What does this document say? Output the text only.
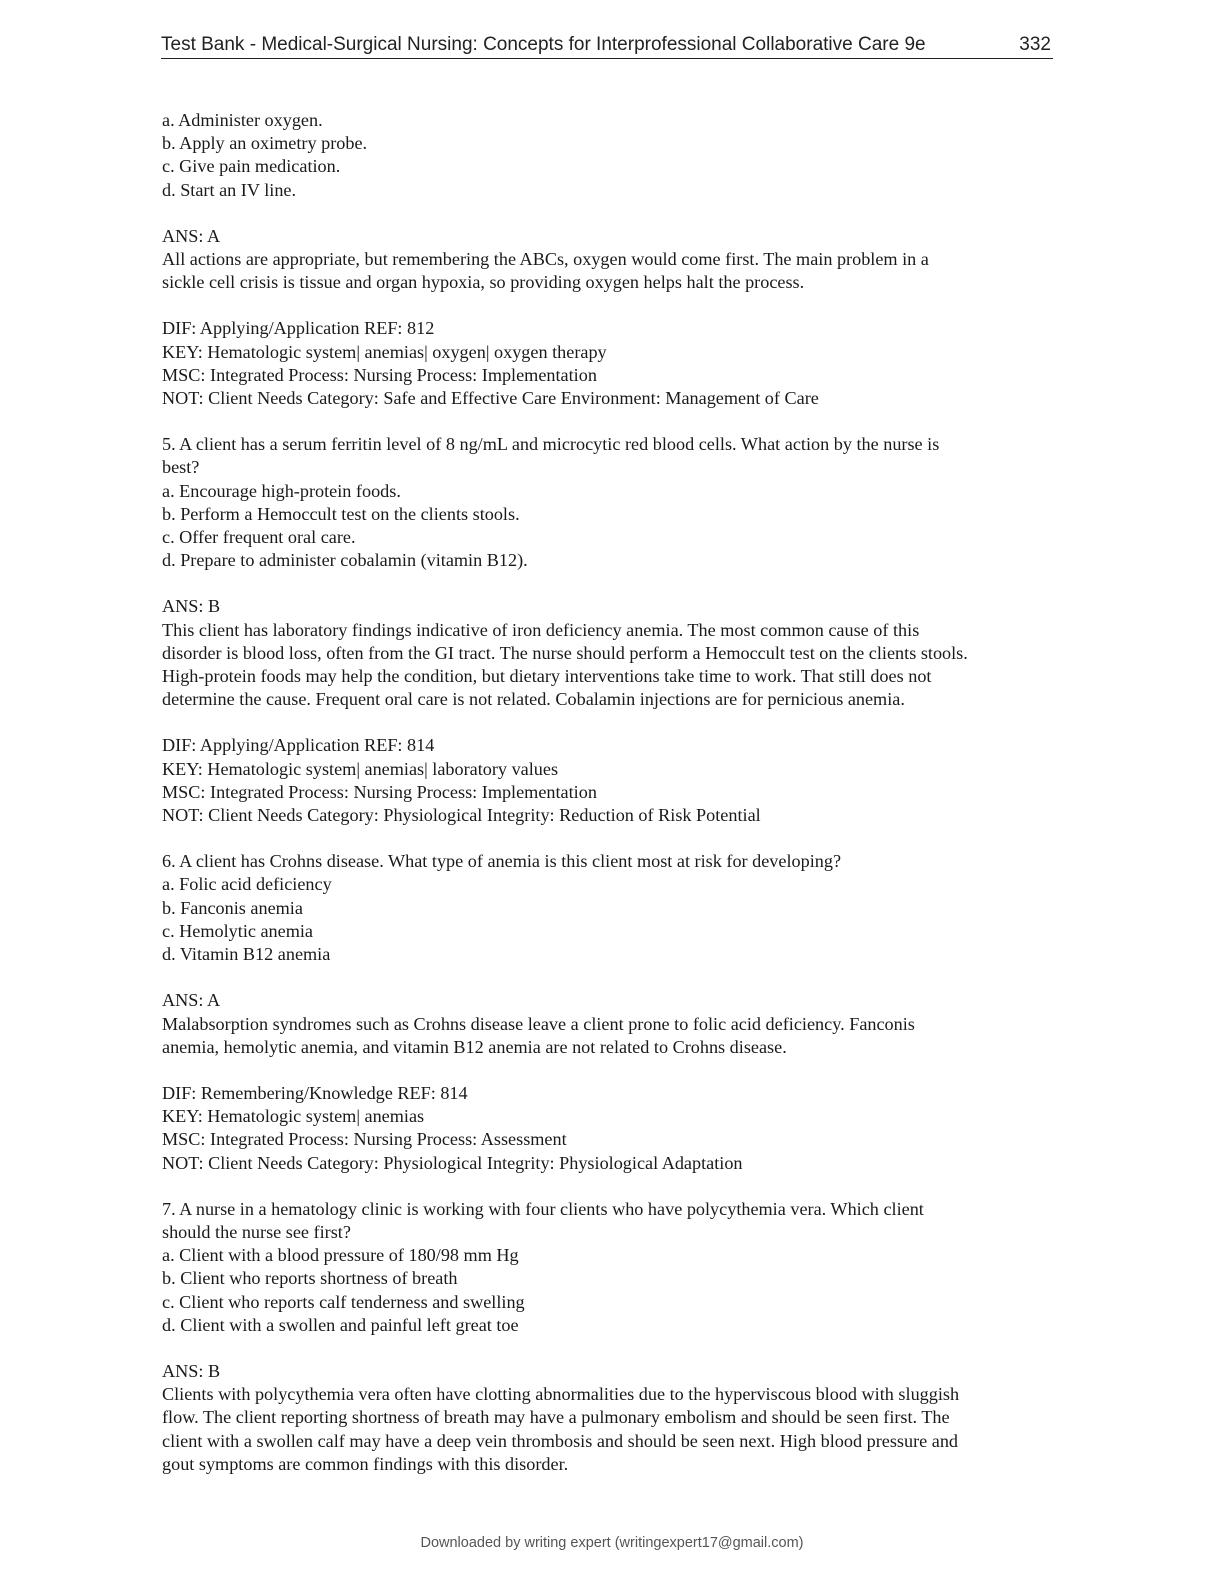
Test Bank - Medical-Surgical Nursing: Concepts for Interprofessional Collaborative Care 9e	332
a. Administer oxygen.
b. Apply an oximetry probe.
c. Give pain medication.
d. Start an IV line.
ANS: A
All actions are appropriate, but remembering the ABCs, oxygen would come first. The main problem in a
sickle cell crisis is tissue and organ hypoxia, so providing oxygen helps halt the process.
DIF: Applying/Application REF: 812
KEY: Hematologic system| anemias| oxygen| oxygen therapy
MSC: Integrated Process: Nursing Process: Implementation
NOT: Client Needs Category: Safe and Effective Care Environment: Management of Care
5. A client has a serum ferritin level of 8 ng/mL and microcytic red blood cells. What action by the nurse is
best?
a. Encourage high-protein foods.
b. Perform a Hemoccult test on the clients stools.
c. Offer frequent oral care.
d. Prepare to administer cobalamin (vitamin B12).
ANS: B
This client has laboratory findings indicative of iron deficiency anemia. The most common cause of this
disorder is blood loss, often from the GI tract. The nurse should perform a Hemoccult test on the clients stools.
High-protein foods may help the condition, but dietary interventions take time to work. That still does not
determine the cause. Frequent oral care is not related. Cobalamin injections are for pernicious anemia.
DIF: Applying/Application REF: 814
KEY: Hematologic system| anemias| laboratory values
MSC: Integrated Process: Nursing Process: Implementation
NOT: Client Needs Category: Physiological Integrity: Reduction of Risk Potential
6. A client has Crohns disease. What type of anemia is this client most at risk for developing?
a. Folic acid deficiency
b. Fanconis anemia
c. Hemolytic anemia
d. Vitamin B12 anemia
ANS: A
Malabsorption syndromes such as Crohns disease leave a client prone to folic acid deficiency. Fanconis
anemia, hemolytic anemia, and vitamin B12 anemia are not related to Crohns disease.
DIF: Remembering/Knowledge REF: 814
KEY: Hematologic system| anemias
MSC: Integrated Process: Nursing Process: Assessment
NOT: Client Needs Category: Physiological Integrity: Physiological Adaptation
7. A nurse in a hematology clinic is working with four clients who have polycythemia vera. Which client
should the nurse see first?
a. Client with a blood pressure of 180/98 mm Hg
b. Client who reports shortness of breath
c. Client who reports calf tenderness and swelling
d. Client with a swollen and painful left great toe
ANS: B
Clients with polycythemia vera often have clotting abnormalities due to the hyperviscous blood with sluggish
flow. The client reporting shortness of breath may have a pulmonary embolism and should be seen first. The
client with a swollen calf may have a deep vein thrombosis and should be seen next. High blood pressure and
gout symptoms are common findings with this disorder.
Downloaded by writing expert (writingexpert17@gmail.com)
